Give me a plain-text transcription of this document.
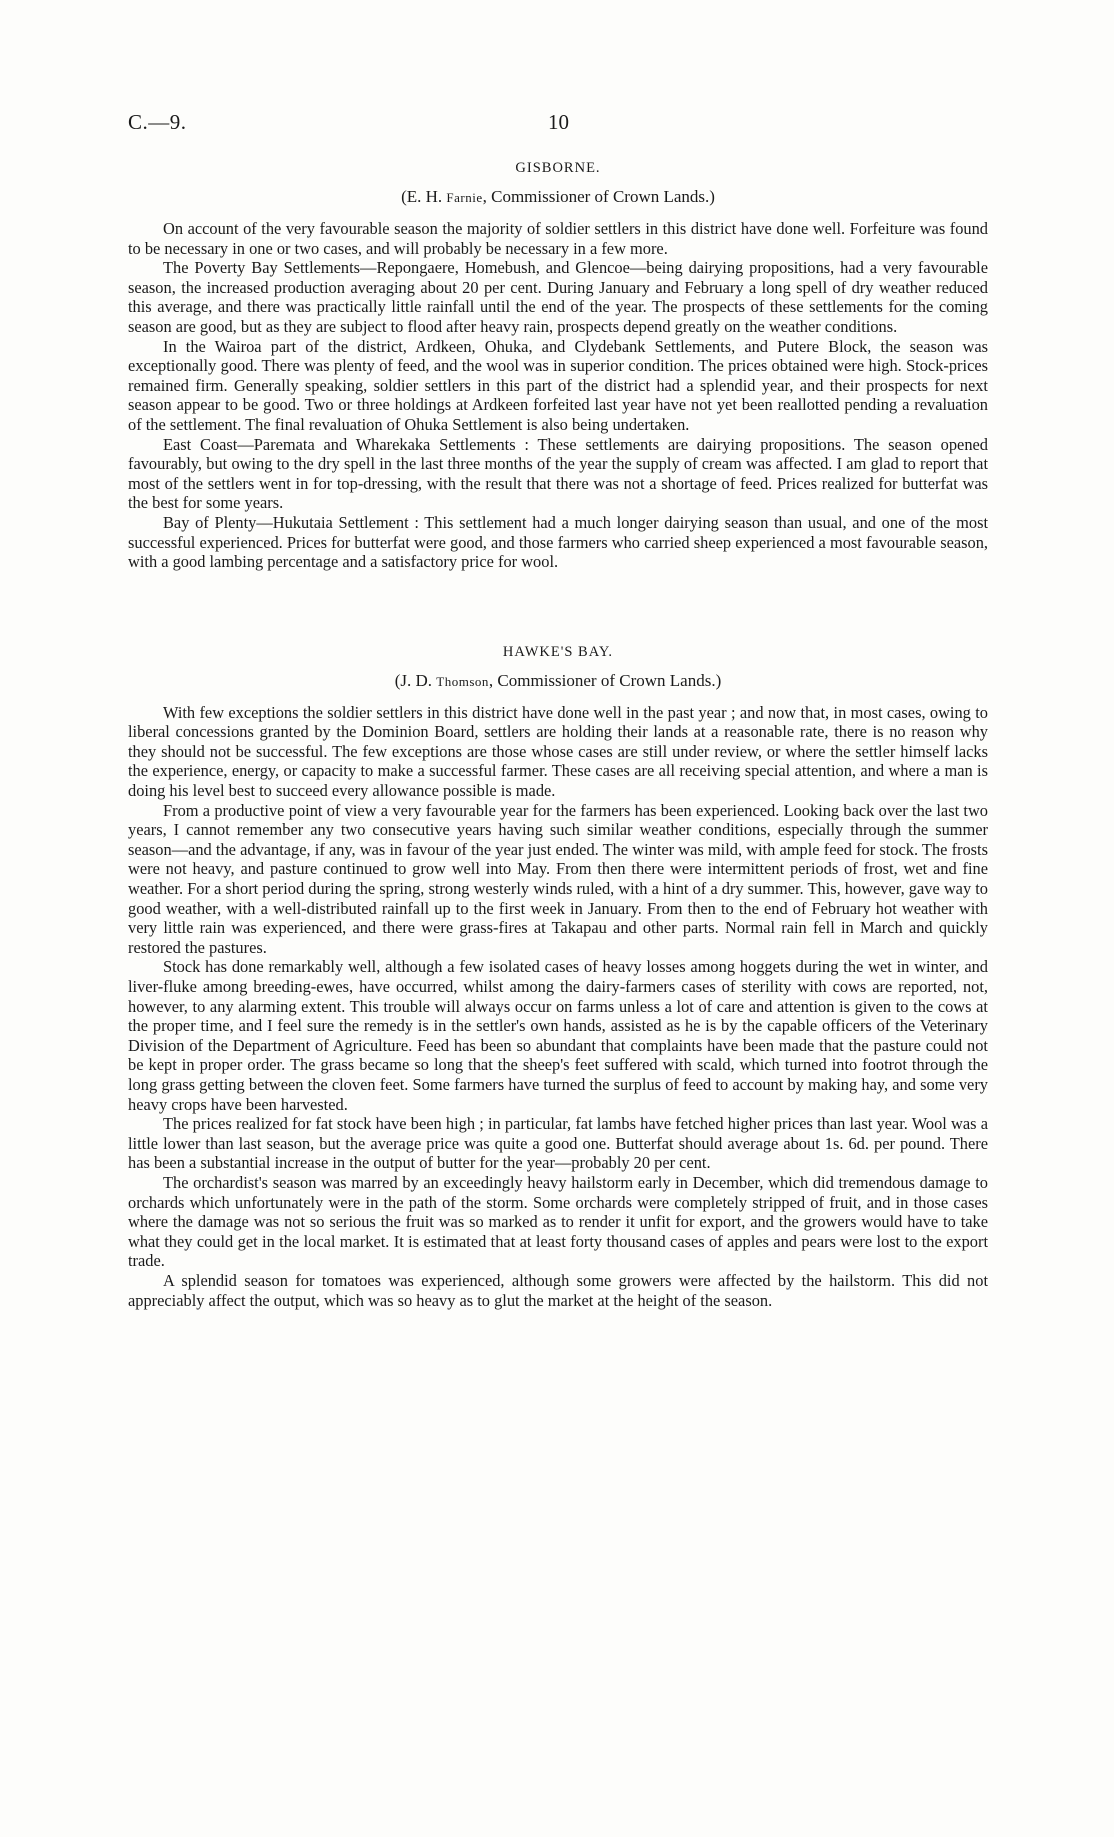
C.—9.	10
GISBORNE.
(E. H. Farnie, Commissioner of Crown Lands.)

On account of the very favourable season the majority of soldier settlers in this district have done well. Forfeiture was found to be necessary in one or two cases, and will probably be necessary in a few more.

The Poverty Bay Settlements—Repongaere, Homebush, and Glencoe—being dairying propositions, had a very favourable season, the increased production averaging about 20 per cent. During January and February a long spell of dry weather reduced this average, and there was practically little rainfall until the end of the year. The prospects of these settlements for the coming season are good, but as they are subject to flood after heavy rain, prospects depend greatly on the weather conditions.

In the Wairoa part of the district, Ardkeen, Ohuka, and Clydebank Settlements, and Putere Block, the season was exceptionally good. There was plenty of feed, and the wool was in superior condition. The prices obtained were high. Stock-prices remained firm. Generally speaking, soldier settlers in this part of the district had a splendid year, and their prospects for next season appear to be good. Two or three holdings at Ardkeen forfeited last year have not yet been reallotted pending a revaluation of the settlement. The final revaluation of Ohuka Settlement is also being undertaken.

East Coast—Paremata and Wharekaka Settlements : These settlements are dairying propositions. The season opened favourably, but owing to the dry spell in the last three months of the year the supply of cream was affected. I am glad to report that most of the settlers went in for top-dressing, with the result that there was not a shortage of feed. Prices realized for butterfat was the best for some years.

Bay of Plenty—Hukutaia Settlement : This settlement had a much longer dairying season than usual, and one of the most successful experienced. Prices for butterfat were good, and those farmers who carried sheep experienced a most favourable season, with a good lambing percentage and a satisfactory price for wool.

HAWKE'S BAY.
(J. D. Thomson, Commissioner of Crown Lands.)

With few exceptions the soldier settlers in this district have done well in the past year ; and now that, in most cases, owing to liberal concessions granted by the Dominion Board, settlers are holding their lands at a reasonable rate, there is no reason why they should not be successful. The few exceptions are those whose cases are still under review, or where the settler himself lacks the experience, energy, or capacity to make a successful farmer. These cases are all receiving special attention, and where a man is doing his level best to succeed every allowance possible is made.

From a productive point of view a very favourable year for the farmers has been experienced. Looking back over the last two years, I cannot remember any two consecutive years having such similar weather conditions, especially through the summer season—and the advantage, if any, was in favour of the year just ended. The winter was mild, with ample feed for stock. The frosts were not heavy, and pasture continued to grow well into May. From then there were intermittent periods of frost, wet and fine weather. For a short period during the spring, strong westerly winds ruled, with a hint of a dry summer. This, however, gave way to good weather, with a well-distributed rainfall up to the first week in January. From then to the end of February hot weather with very little rain was experienced, and there were grass-fires at Takapau and other parts. Normal rain fell in March and quickly restored the pastures.

Stock has done remarkably well, although a few isolated cases of heavy losses among hoggets during the wet in winter, and liver-fluke among breeding-ewes, have occurred, whilst among the dairy-farmers cases of sterility with cows are reported, not, however, to any alarming extent. This trouble will always occur on farms unless a lot of care and attention is given to the cows at the proper time, and I feel sure the remedy is in the settler's own hands, assisted as he is by the capable officers of the Veterinary Division of the Department of Agriculture. Feed has been so abundant that complaints have been made that the pasture could not be kept in proper order. The grass became so long that the sheep's feet suffered with scald, which turned into footrot through the long grass getting between the cloven feet. Some farmers have turned the surplus of feed to account by making hay, and some very heavy crops have been harvested.

The prices realized for fat stock have been high ; in particular, fat lambs have fetched higher prices than last year. Wool was a little lower than last season, but the average price was quite a good one. Butterfat should average about 1s. 6d. per pound. There has been a substantial increase in the output of butter for the year—probably 20 per cent.

The orchardist's season was marred by an exceedingly heavy hailstorm early in December, which did tremendous damage to orchards which unfortunately were in the path of the storm. Some orchards were completely stripped of fruit, and in those cases where the damage was not so serious the fruit was so marked as to render it unfit for export, and the growers would have to take what they could get in the local market. It is estimated that at least forty thousand cases of apples and pears were lost to the export trade.

A splendid season for tomatoes was experienced, although some growers were affected by the hailstorm. This did not appreciably affect the output, which was so heavy as to glut the market at the height of the season.
